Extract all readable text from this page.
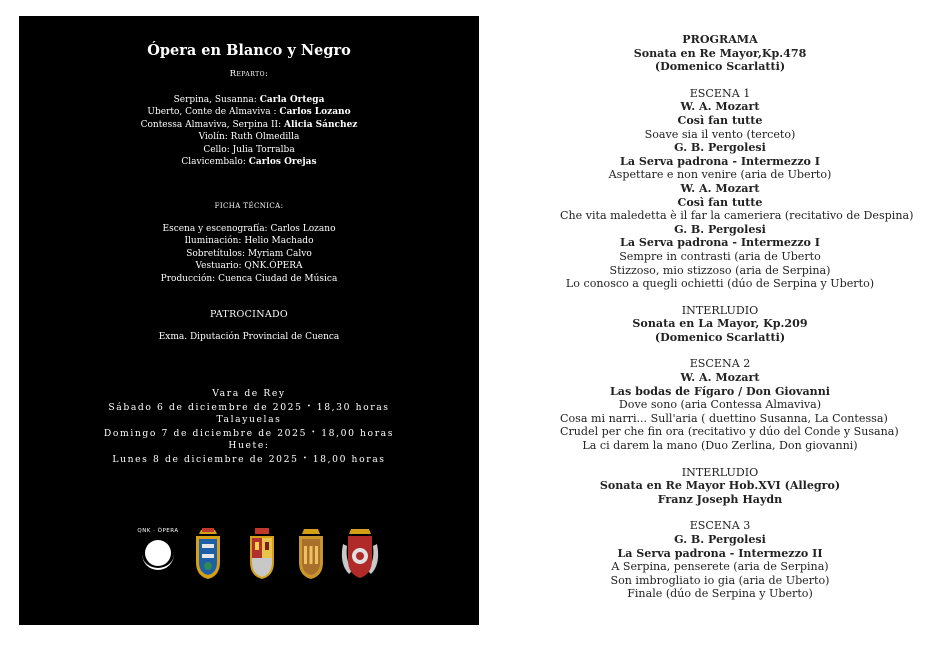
Ópera en Blanco y Negro
Reparto:
Serpina, Susanna: Carla Ortega
Uberto, Conte de Almaviva : Carlos Lozano
Contessa Almaviva, Serpina II: Alicia Sánchez
Violín: Ruth Olmedilla
Cello: Julia Torralba
Clavicembalo: Carlos Orejas
FICHA TÉCNICA:
Escena y escenografía: Carlos Lozano
Iluminación: Helio Machado
Sobretítulos: Myriam Calvo
Vestuario: QNK.ÓPERA
Producción: Cuenca Ciudad de Música
PATROCINADO
Exma. Diputación Provincial de Cuenca
Vara de Rey
Sábado 6 de diciembre de 2025 • 18,30 horas
Talayuelas
Domingo 7 de diciembre de 2025 • 18,00 horas
Huete:
Lunes 8 de diciembre de 2025 • 18,00 horas
QNK · ÓPERA
PROGRAMA
Sonata en Re Mayor,Kp.478
(Domenico Scarlatti)
ESCENA 1
W. A. Mozart
Così fan tutte
Soave sia il vento (terceto)
G. B. Pergolesi
La Serva padrona - Intermezzo I
Aspettare e non venire (aria de Uberto)
W. A. Mozart
Così fan tutte
Che vita maledetta è il far la cameriera (recitativo de Despina)
G. B. Pergolesi
La Serva padrona - Intermezzo I
Sempre in contrasti (aria de Uberto
Stizzoso, mio stizzoso (aria de Serpina)
Lo conosco a quegli ochietti (dúo de Serpina y Uberto)
INTERLUDIO
Sonata en La Mayor, Kp.209
(Domenico Scarlatti)
ESCENA 2
W. A. Mozart
Las bodas de Fígaro / Don Giovanni
Dove sono (aria Contessa Almaviva)
Cosa mi narri... Sull'aria ( duettino Susanna, La Contessa)
Crudel per che fin ora (recitativo y dúo del Conde y Susana)
La ci darem la mano (Duo Zerlina, Don giovanni)
INTERLUDIO
Sonata en Re Mayor Hob.XVI (Allegro)
Franz Joseph Haydn
ESCENA 3
G. B. Pergolesi
La Serva padrona - Intermezzo II
A Serpina, penserete (aria de Serpina)
Son imbrogliato io gia (aria de Uberto)
Finale (dúo de Serpina y Uberto)
